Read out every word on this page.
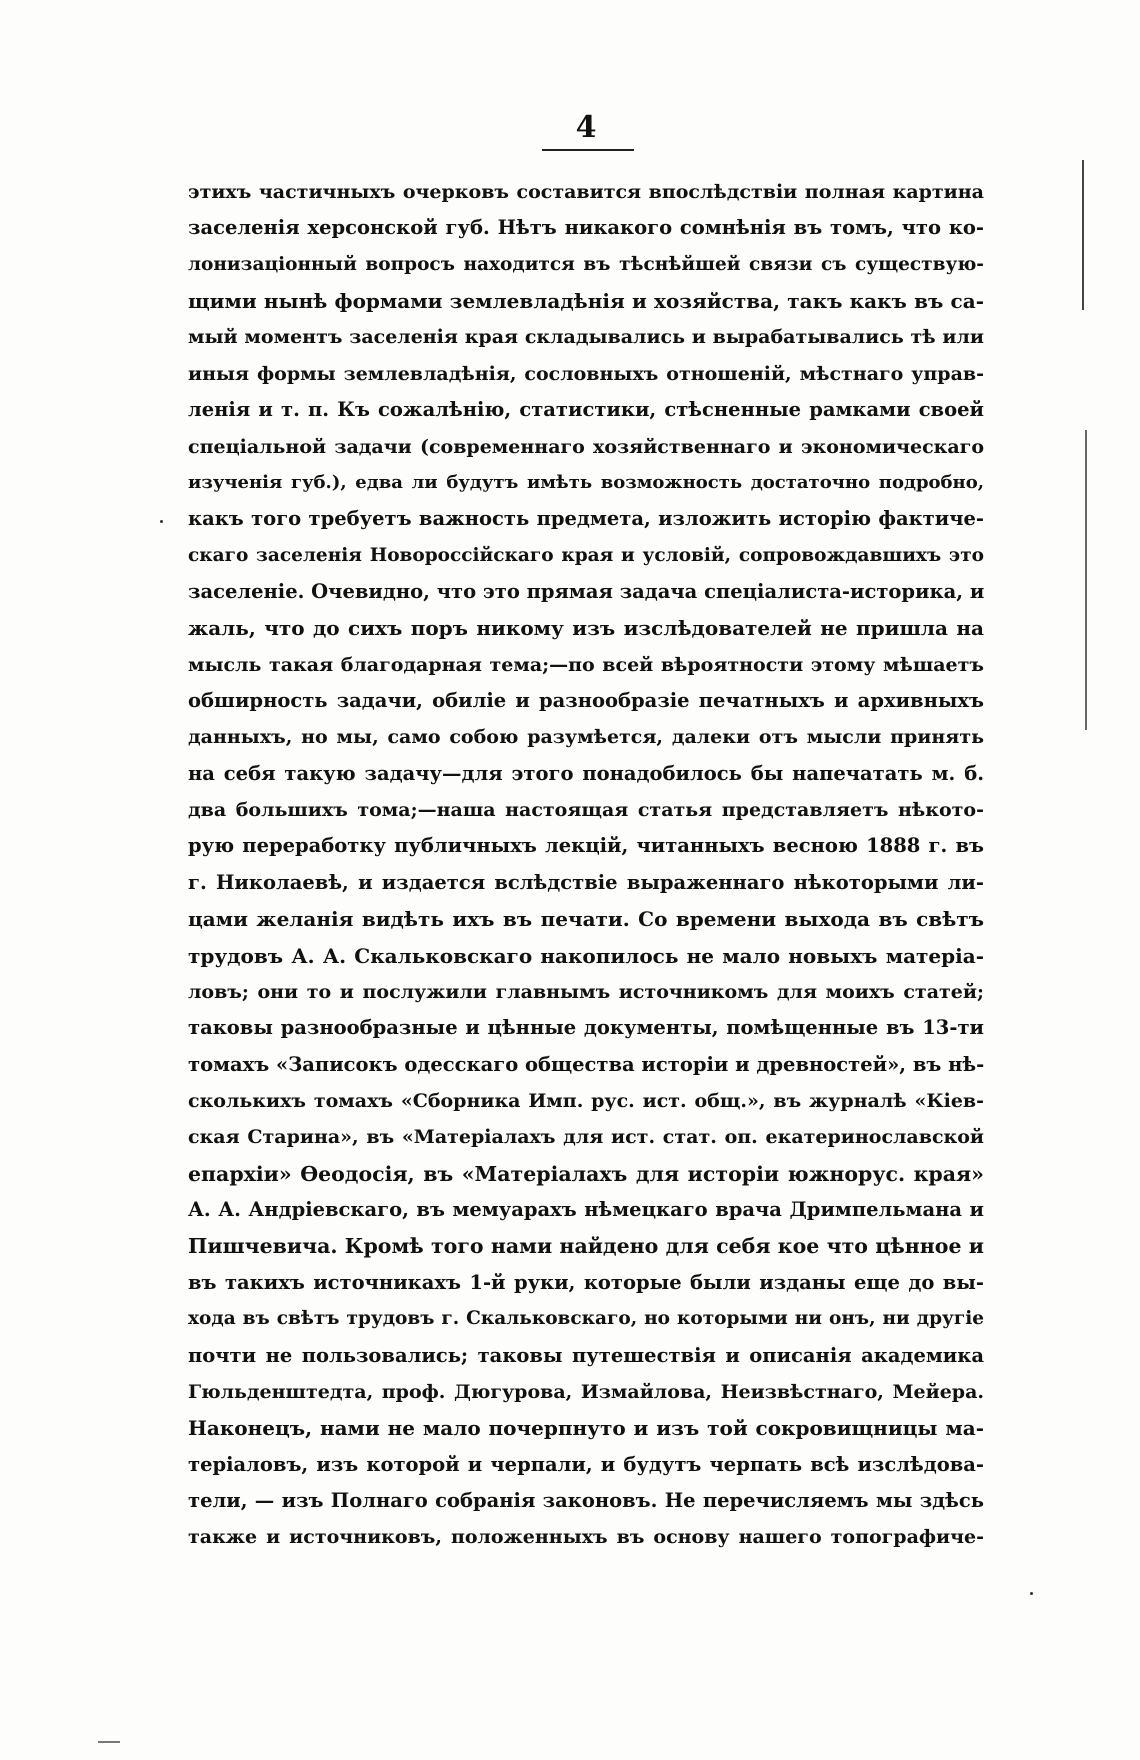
4
этихъ частичныхъ очерковъ составится впослѣдствіи полная картина
заселенія херсонской губ. Нѣтъ никакого сомнѣнія въ томъ, что ко-
лонизаціонный вопросъ находится въ тѣснѣйшей связи съ существую-
щими нынѣ формами землевладѣнія и хозяйства, такъ какъ въ са-
мый моментъ заселенія края складывались и вырабатывались тѣ или
иныя формы землевладѣнія, сословныхъ отношеній, мѣстнаго управ-
ленія и т. п. Къ сожалѣнію, статистики, стѣсненные рамками своей
спеціальной задачи (современнаго хозяйственнаго и экономическаго
изученія губ.), едва ли будутъ имѣть возможность достаточно подробно,
какъ того требуетъ важность предмета, изложить исторію фактиче-
скаго заселенія Новороссійскаго края и условій, сопровождавшихъ это
заселеніе. Очевидно, что это прямая задача спеціалиста-историка, и
жаль, что до сихъ поръ никому изъ изслѣдователей не пришла на
мысль такая благодарная тема;—по всей вѣроятности этому мѣшаетъ
обширность задачи, обиліе и разнообразіе печатныхъ и архивныхъ
данныхъ, но мы, само собою разумѣется, далеки отъ мысли принять
на себя такую задачу—для этого понадобилось бы напечатать м. б.
два большихъ тома;—наша настоящая статья представляетъ нѣкото-
рую переработку публичныхъ лекцій, читанныхъ весною 1888 г. въ
г. Николаевѣ, и издается вслѣдствіе выраженнаго нѣкоторыми ли-
цами желанія видѣть ихъ въ печати. Со времени выхода въ свѣтъ
трудовъ А. А. Скальковскаго накопилось не мало новыхъ матеріа-
ловъ; они то и послужили главнымъ источникомъ для моихъ статей;
таковы разнообразные и цѣнные документы, помѣщенные въ 13-ти
томахъ «Записокъ одесскаго общества исторіи и древностей», въ нѣ-
сколькихъ томахъ «Сборника Имп. рус. ист. общ.», въ журналѣ «Кіев-
ская Старина», въ «Матеріалахъ для ист. стат. оп. екатеринославской
епархіи» Ѳеодосія, въ «Матеріалахъ для исторіи южнорус. края»
А. А. Андріевскаго, въ мемуарахъ нѣмецкаго врача Дримпельмана и
Пишчевича. Кромѣ того нами найдено для себя кое что цѣнное и
въ такихъ источникахъ 1-й руки, которые были изданы еще до вы-
хода въ свѣтъ трудовъ г. Скальковскаго, но которыми ни онъ, ни другіе
почти не пользовались; таковы путешествія и описанія академика
Гюльденштедта, проф. Дюгурова, Измайлова, Неизвѣстнаго, Мейера.
Наконецъ, нами не мало почерпнуто и изъ той сокровищницы ма-
теріаловъ, изъ которой и черпали, и будутъ черпать всѣ изслѣдова-
тели, — изъ Полнаго собранія законовъ. Не перечисляемъ мы здѣсь
также и источниковъ, положенныхъ въ основу нашего топографиче-
